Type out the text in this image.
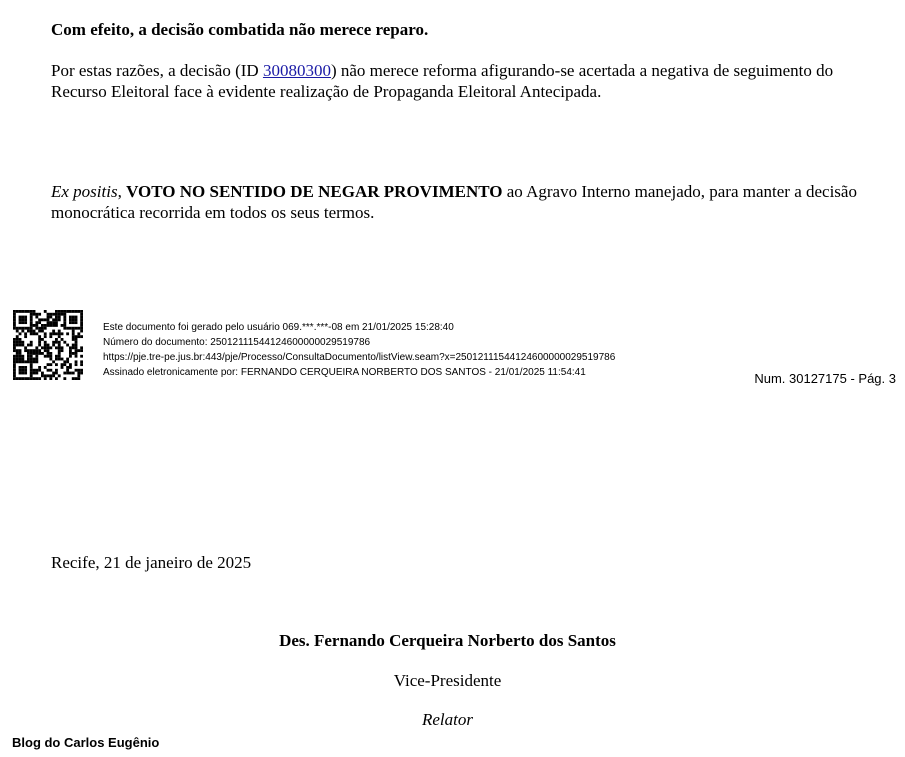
Com efeito, a decisão combatida não merece reparo.
Por estas razões, a decisão (ID 30080300) não merece reforma afigurando-se acertada a negativa de seguimento do Recurso Eleitoral face à evidente realização de Propaganda Eleitoral Antecipada.
Ex positis, VOTO NO SENTIDO DE NEGAR PROVIMENTO ao Agravo Interno manejado, para manter a decisão monocrática recorrida em todos os seus termos.
Este documento foi gerado pelo usuário 069.***.***-08 em 21/01/2025 15:28:40
Número do documento: 25012111544124600000029519786
https://pje.tre-pe.jus.br:443/pje/Processo/ConsultaDocumento/listView.seam?x=25012111544124600000029519786
Assinado eletronicamente por: FERNANDO CERQUEIRA NORBERTO DOS SANTOS - 21/01/2025 11:54:41	Num. 30127175 - Pág. 3
Recife, 21 de janeiro de 2025
Des. Fernando Cerqueira Norberto dos Santos
Vice-Presidente
Relator
Blog do Carlos Eugênio
